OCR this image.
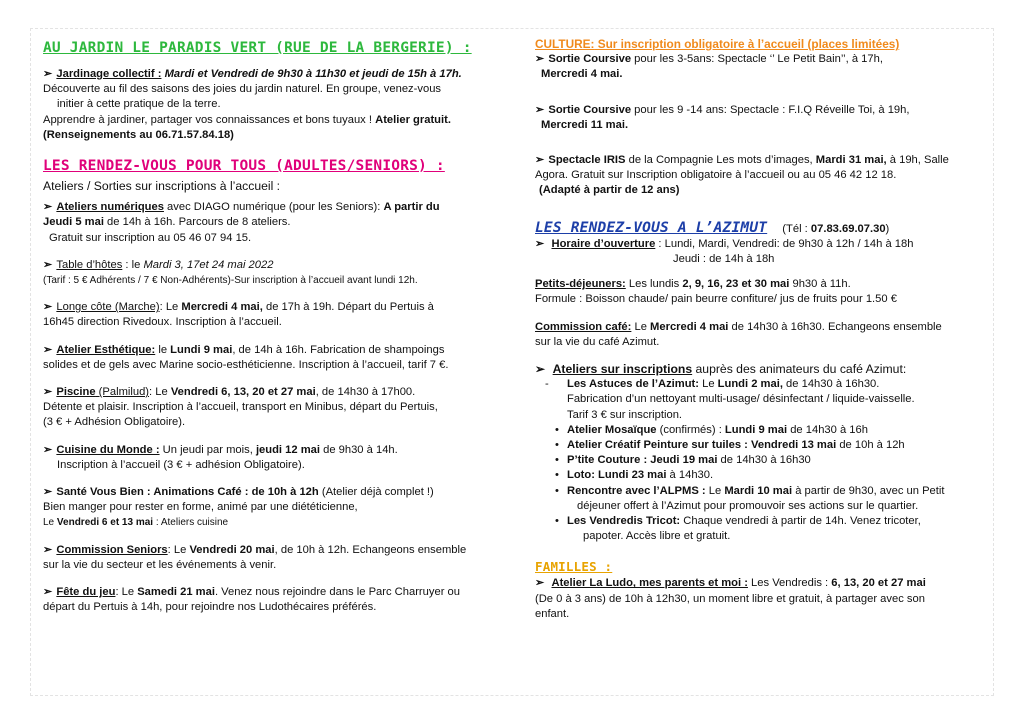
AU JARDIN LE PARADIS VERT (RUE DE LA BERGERIE) :

➢ Jardinage collectif : Mardi et Vendredi de 9h30 à 11h30 et jeudi de 15h à 17h.

Découverte au fil des saisons des joies du jardin naturel. En groupe, venez-vous

initier à cette pratique de la terre.

Apprendre à jardiner, partager vos connaissances et bons tuyaux ! Atelier gratuit.

(Renseignements au 06.71.57.84.18)

LES RENDEZ-VOUS POUR TOUS (ADULTES/SENIORS) :

Ateliers / Sorties sur inscriptions à l’accueil :

➢ Ateliers numériques avec DIAGO numérique (pour les Seniors): A partir du

Jeudi 5 mai de 14h à 16h. Parcours de 8 ateliers.

Gratuit sur inscription au 05 46 07 94 15.

➢ Table d’hôtes : le Mardi 3, 17et 24 mai 2022

(Tarif : 5 € Adhérents / 7 € Non-Adhérents)-Sur inscription à l’accueil avant lundi 12h.

➢ Longe côte (Marche): Le Mercredi 4 mai, de 17h à 19h. Départ du Pertuis à

16h45 direction Rivedoux. Inscription à l’accueil.

➢ Atelier Esthétique: le Lundi 9 mai, de 14h à 16h. Fabrication de shampoings

solides et de gels avec Marine socio-esthéticienne. Inscription à l’accueil, tarif 7 €.

➢ Piscine (Palmilud): Le Vendredi 6, 13, 20 et 27 mai, de 14h30 à 17h00.

Détente et plaisir. Inscription à l’accueil, transport en Minibus, départ du Pertuis,

(3 € + Adhésion Obligatoire).

➢ Cuisine du Monde : Un jeudi par mois, jeudi 12 mai de 9h30 à 14h.

Inscription à l’accueil (3 € + adhésion Obligatoire).

➢ Santé Vous Bien : Animations Café : de 10h à 12h (Atelier déjà complet !)

Bien manger pour rester en forme, animé par une diététicienne,

Le Vendredi 6 et 13 mai : Ateliers cuisine

➢ Commission Seniors: Le Vendredi 20 mai, de 10h à 12h. Echangeons ensemble

sur la vie du secteur et les événements à venir.

➢ Fête du jeu: Le Samedi 21 mai. Venez nous rejoindre dans le Parc Charruyer ou

départ du Pertuis à 14h, pour rejoindre nos Ludothécaires préférés.

CULTURE: Sur inscription obligatoire à l’accueil (places limitées)

➢ Sortie Coursive pour les 3-5ans: Spectacle ‘’ Le Petit Bain’’, à 17h,

Mercredi 4 mai.

➢ Sortie Coursive pour les 9 -14 ans: Spectacle : F.I.Q Réveille Toi, à 19h,

Mercredi 11 mai.

➢ Spectacle IRIS de la Compagnie Les mots d’images, Mardi 31 mai, à 19h, Salle

Agora. Gratuit sur Inscription obligatoire à l’accueil ou au 05 46 42 12 18.

(Adapté à partir de 12 ans)

LES RENDEZ-VOUS A L’AZIMUT (Tél : 07.83.69.07.30)

➢ Horaire d’ouverture : Lundi, Mardi, Vendredi: de 9h30 à 12h / 14h à 18h

Jeudi : de 14h à 18h

Petits-déjeuners: Les lundis 2, 9, 16, 23 et 30 mai 9h30 à 11h.

Formule : Boisson chaude/ pain beurre confiture/ jus de fruits pour 1.50 €

Commission café: Le Mercredi 4 mai de 14h30 à 16h30. Echangeons ensemble

sur la vie du café Azimut.

➢ Ateliers sur inscriptions auprès des animateurs du café Azimut:

- Les Astuces de l’Azimut: Le Lundi 2 mai, de 14h30 à 16h30.

Fabrication d’un nettoyant multi-usage/ désinfectant / liquide-vaisselle.

Tarif 3 € sur inscription.

• Atelier Mosaïque (confirmés) : Lundi 9 mai de 14h30 à 16h
• Atelier Créatif Peinture sur tuiles : Vendredi 13 mai de 10h à 12h
• P’tite Couture : Jeudi 19 mai de 14h30 à 16h30
• Loto: Lundi 23 mai à 14h30.
• Rencontre avec l’ALPMS : Le Mardi 10 mai à partir de 9h30, avec un Petit

déjeuner offert à l’Azimut pour promouvoir ses actions sur le quartier.

• Les Vendredis Tricot: Chaque vendredi à partir de 14h. Venez tricoter,

papoter. Accès libre et gratuit.

FAMILLES :

➢ Atelier La Ludo, mes parents et moi : Les Vendredis : 6, 13, 20 et 27 mai

(De 0 à 3 ans) de 10h à 12h30, un moment libre et gratuit, à partager avec son

enfant.
